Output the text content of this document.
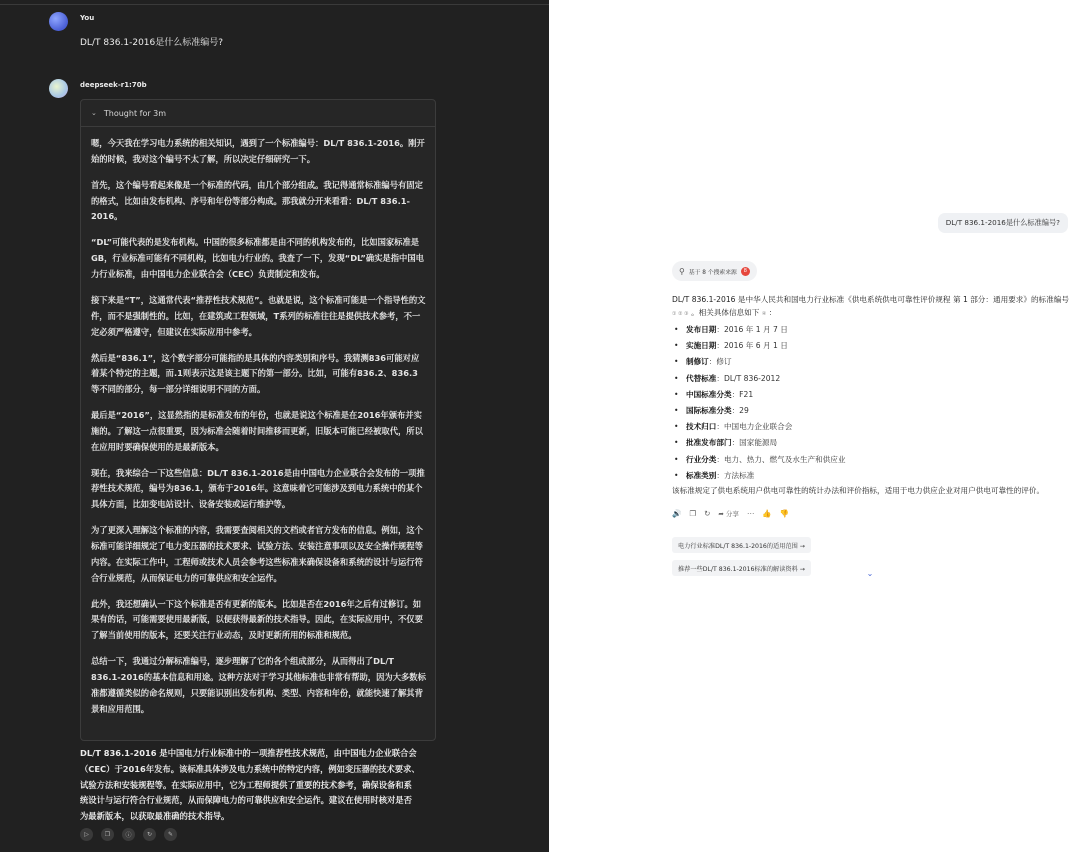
You
DL/T 836.1-2016是什么标准编号?
deepseek-r1:70b
⌄ Thought for 3m

嗯，今天我在学习电力系统的相关知识，遇到了一个标准编号：DL/T 836.1-2016。刚开始的时候，我对这个编号不太了解，所以决定仔细研究一下。

首先，这个编号看起来像是一个标准的代码，由几个部分组成。我记得通常标准编号有固定的格式，比如由发布机构、序号和年份等部分构成。那我就分开来看看：DL/T 836.1-2016。

“DL”可能代表的是发布机构。中国的很多标准都是由不同的机构发布的，比如国家标准是GB，行业标准可能有不同机构，比如电力行业的。我查了一下，发现“DL”确实是指中国电力行业标准，由中国电力企业联合会（CEC）负责制定和发布。

接下来是“T”，这通常代表“推荐性技术规范”。也就是说，这个标准可能是一个指导性的文件，而不是强制性的。比如，在建筑或工程领域，T系列的标准往往是提供技术参考，不一定必须严格遵守，但建议在实际应用中参考。

然后是“836.1”，这个数字部分可能指的是具体的内容类别和序号。我猜测836可能对应着某个特定的主题，而.1则表示这是该主题下的第一部分。比如，可能有836.2、836.3等不同的部分，每一部分详细说明不同的方面。

最后是“2016”，这显然指的是标准发布的年份，也就是说这个标准是在2016年颁布并实施的。了解这一点很重要，因为标准会随着时间推移而更新，旧版本可能已经被取代，所以在应用时要确保使用的是最新版本。

现在，我来综合一下这些信息：DL/T 836.1-2016是由中国电力企业联合会发布的一项推荐性技术规范，编号为836.1，颁布于2016年。这意味着它可能涉及到电力系统中的某个具体方面，比如变电站设计、设备安装或运行维护等。

为了更深入理解这个标准的内容，我需要查阅相关的文档或者官方发布的信息。例如，这个标准可能详细规定了电力变压器的技术要求、试验方法、安装注意事项以及安全操作规程等内容。在实际工作中，工程师或技术人员会参考这些标准来确保设备和系统的设计与运行符合行业规范，从而保证电力的可靠供应和安全运作。

此外，我还想确认一下这个标准是否有更新的版本。比如是否在2016年之后有过修订。如果有的话，可能需要使用最新版，以便获得最新的技术指导。因此，在实际应用中，不仅要了解当前使用的版本，还要关注行业动态，及时更新所用的标准和规范。

总结一下，我通过分解标准编号，逐步理解了它的各个组成部分，从而得出了DL/T 836.1-2016的基本信息和用途。这种方法对于学习其他标准也非常有帮助，因为大多数标准都遵循类似的命名规则，只要能识别出发布机构、类型、内容和年份，就能快速了解其背景和应用范围。

DL/T 836.1-2016 是中国电力行业标准中的一项推荐性技术规范，由中国电力企业联合会（CEC）于2016年发布。该标准具体涉及电力系统中的特定内容，例如变压器的技术要求、试验方法和安装规程等。在实际应用中，它为工程师提供了重要的技术参考，确保设备和系统设计与运行符合行业规范，从而保障电力的可靠供应和安全运作。建议在使用时核对是否为最新版本，以获取最准确的技术指导。
▷	❐	ⓘ	↻	✎
DL/T 836.1-2016是什么标准编号?
⚲ 基于 8 个搜索来源	8
DL/T 836.1-2016 是中华人民共和国电力行业标准《供电系统供电可靠性评价规程 第 1 部分：通用要求》的标准编号 ① ② ③ 。相关具体信息如下 ④ ：
• 发布日期：2016 年 1 月 7 日
• 实施日期：2016 年 6 月 1 日
• 制修订：修订
• 代替标准：DL/T 836-2012
• 中国标准分类：F21
• 国际标准分类：29
• 技术归口：中国电力企业联合会
• 批准发布部门：国家能源局
• 行业分类：电力、热力、燃气及水生产和供应业
• 标准类别：方法标准
该标准规定了供电系统用户供电可靠性的统计办法和评价指标，适用于电力供应企业对用户供电可靠性的评价。
🔊 ❐ ↻ ➦ 分享 ⋯ 👍 👎
电力行业标准DL/T 836.1-2016的适用范围 →
推荐一些DL/T 836.1-2016标准的解读资料 →	⌄
